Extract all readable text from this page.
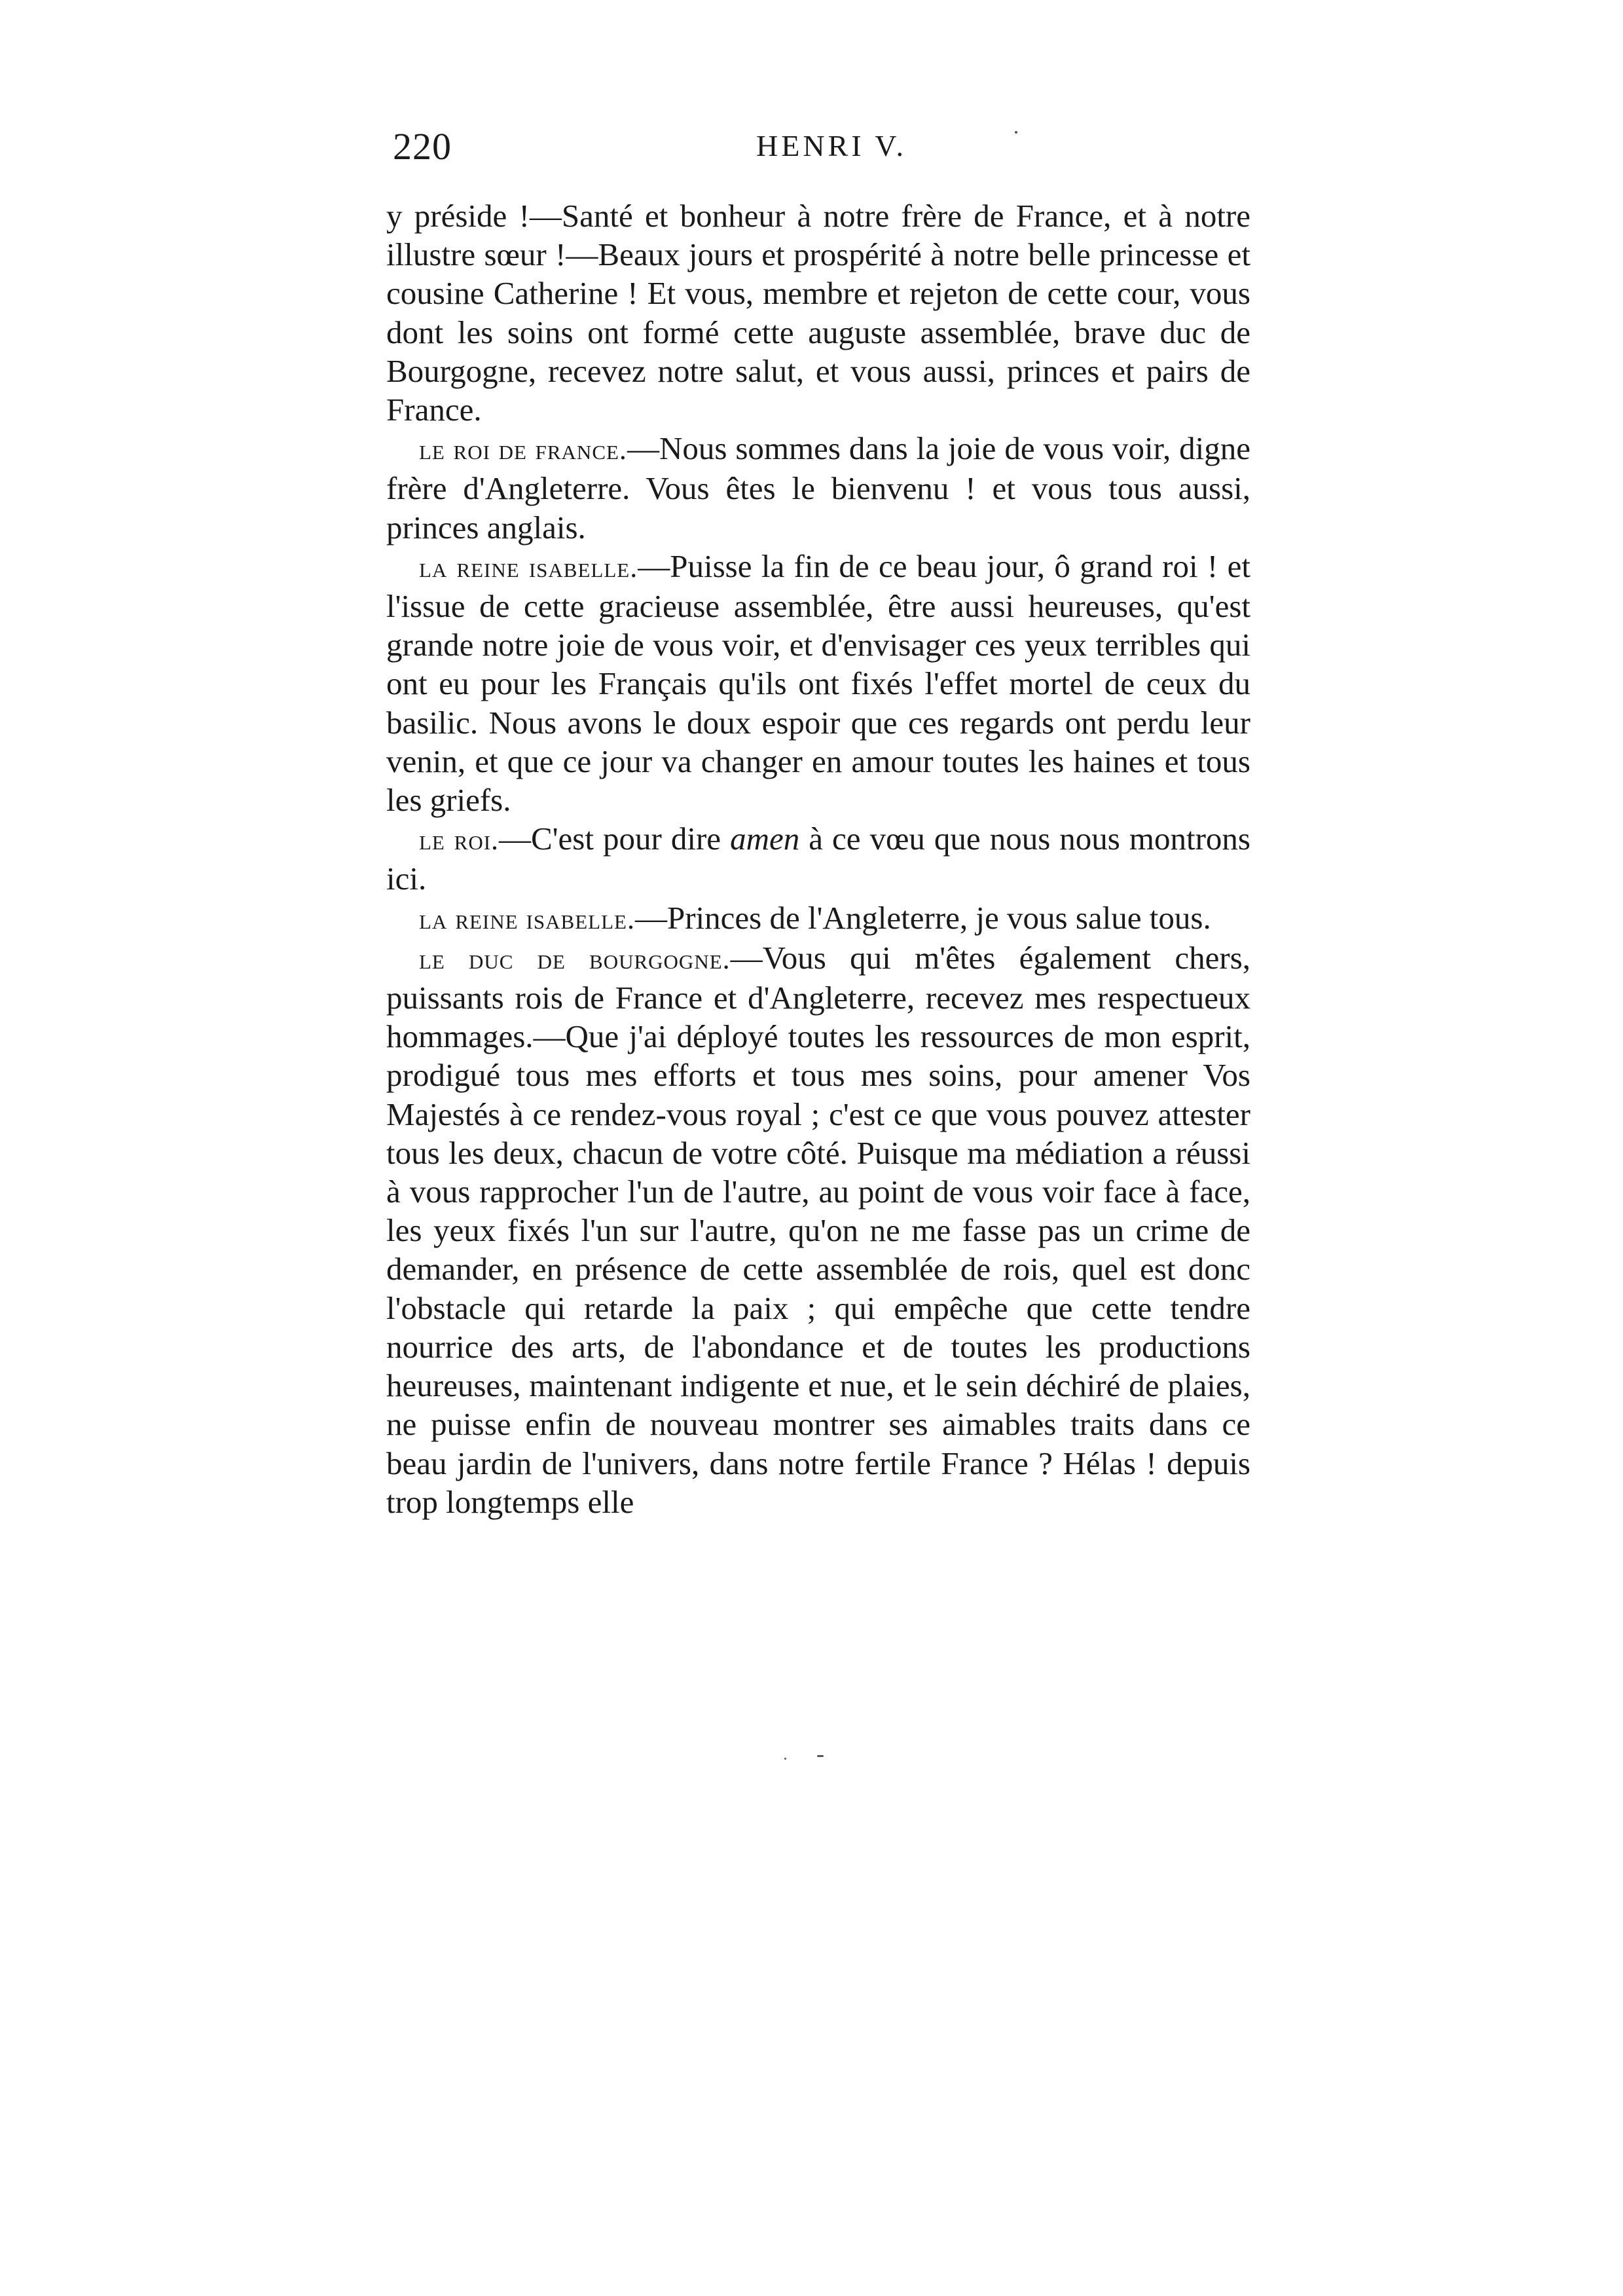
220	HENRI V.

y préside !—Santé et bonheur à notre frère de France, et à notre illustre sœur !—Beaux jours et prospérité à notre belle princesse et cousine Catherine ! Et vous, membre et rejeton de cette cour, vous dont les soins ont formé cette auguste assemblée, brave duc de Bourgogne, recevez notre salut, et vous aussi, princes et pairs de France.

le roi de france.—Nous sommes dans la joie de vous voir, digne frère d'Angleterre. Vous êtes le bienvenu ! et vous tous aussi, princes anglais.

la reine isabelle.—Puisse la fin de ce beau jour, ô grand roi ! et l'issue de cette gracieuse assemblée, être aussi heureuses, qu'est grande notre joie de vous voir, et d'envisager ces yeux terribles qui ont eu pour les Français qu'ils ont fixés l'effet mortel de ceux du basilic. Nous avons le doux espoir que ces regards ont perdu leur venin, et que ce jour va changer en amour toutes les haines et tous les griefs.

le roi.—C'est pour dire amen à ce vœu que nous nous montrons ici.

la reine isabelle.—Princes de l'Angleterre, je vous salue tous.

le duc de bourgogne.—Vous qui m'êtes également chers, puissants rois de France et d'Angleterre, recevez mes respectueux hommages.—Que j'ai déployé toutes les ressources de mon esprit, prodigué tous mes efforts et tous mes soins, pour amener Vos Majestés à ce rendez-vous royal ; c'est ce que vous pouvez attester tous les deux, chacun de votre côté. Puisque ma médiation a réussi à vous rapprocher l'un de l'autre, au point de vous voir face à face, les yeux fixés l'un sur l'autre, qu'on ne me fasse pas un crime de demander, en présence de cette assemblée de rois, quel est donc l'obstacle qui retarde la paix ; qui empêche que cette tendre nourrice des arts, de l'abondance et de toutes les productions heureuses, maintenant indigente et nue, et le sein déchiré de plaies, ne puisse enfin de nouveau montrer ses aimables traits dans ce beau jardin de l'univers, dans notre fertile France ? Hélas ! depuis trop longtemps elle
